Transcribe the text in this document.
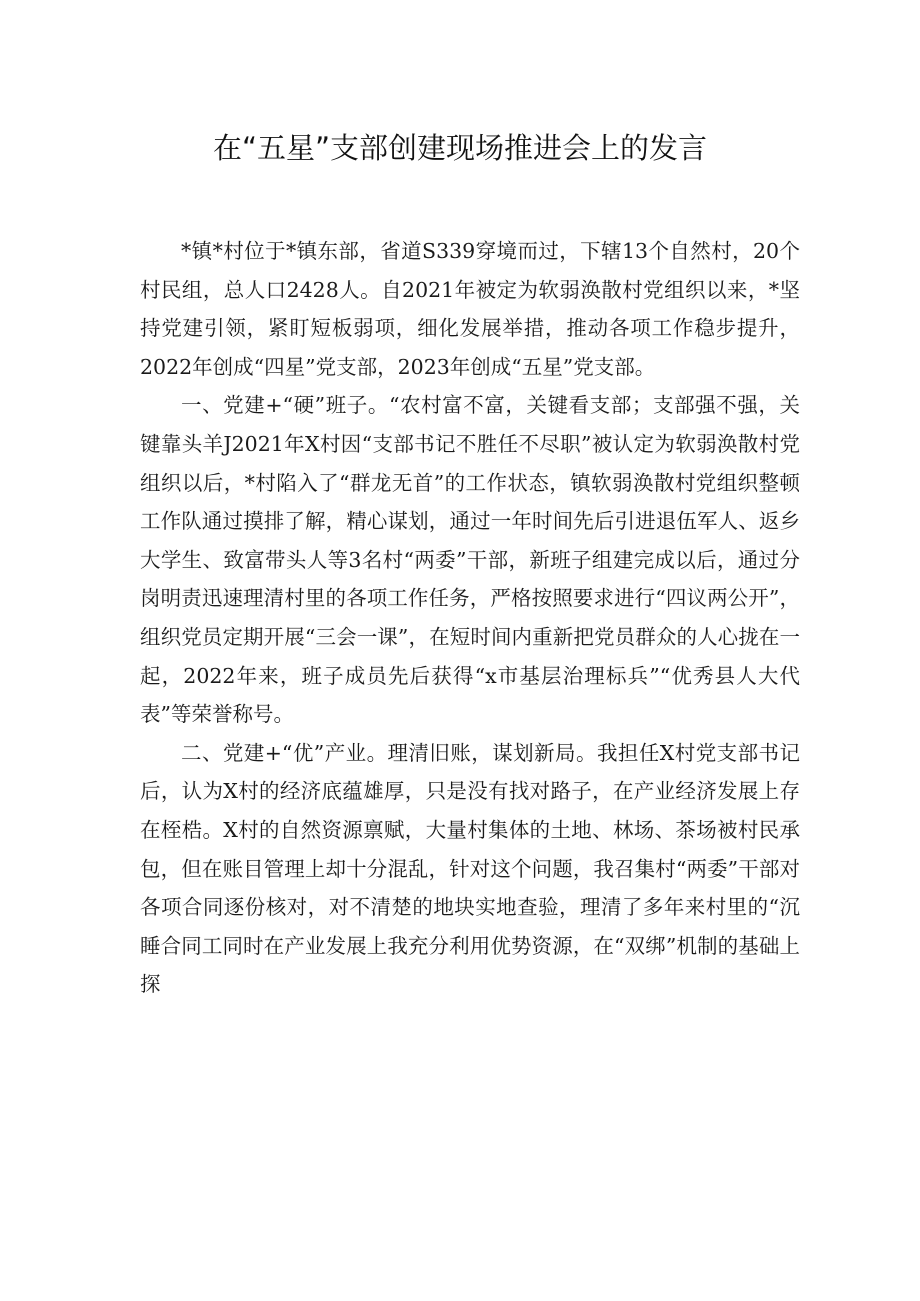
在“五星”支部创建现场推进会上的发言

*镇*村位于*镇东部，省道S339穿境而过，下辖13个自然村，20个村民组，总人口2428人。自2021年被定为软弱涣散村党组织以来，*坚持党建引领，紧盯短板弱项，细化发展举措，推动各项工作稳步提升，2022年创成“四星”党支部，2023年创成“五星”党支部。

一、党建+“硬”班子。“农村富不富，关键看支部；支部强不强，关键靠头羊J2021年X村因“支部书记不胜任不尽职”被认定为软弱涣散村党组织以后，*村陷入了“群龙无首”的工作状态，镇软弱涣散村党组织整顿工作队通过摸排了解，精心谋划，通过一年时间先后引进退伍军人、返乡大学生、致富带头人等3名村“两委”干部，新班子组建完成以后，通过分岗明责迅速理清村里的各项工作任务，严格按照要求进行“四议两公开”，组织党员定期开展“三会一课”，在短时间内重新把党员群众的人心拢在一起，2022年来，班子成员先后获得“x市基层治理标兵”“优秀县人大代表”等荣誉称号。

二、党建+“优”产业。理清旧账，谋划新局。我担任X村党支部书记后，认为X村的经济底蕴雄厚，只是没有找对路子，在产业经济发展上存在桎梏。X村的自然资源禀赋，大量村集体的土地、林场、茶场被村民承包，但在账目管理上却十分混乱，针对这个问题，我召集村“两委”干部对各项合同逐份核对，对不清楚的地块实地查验，理清了多年来村里的“沉睡合同工同时在产业发展上我充分利用优势资源，在“双绑”机制的基础上探
